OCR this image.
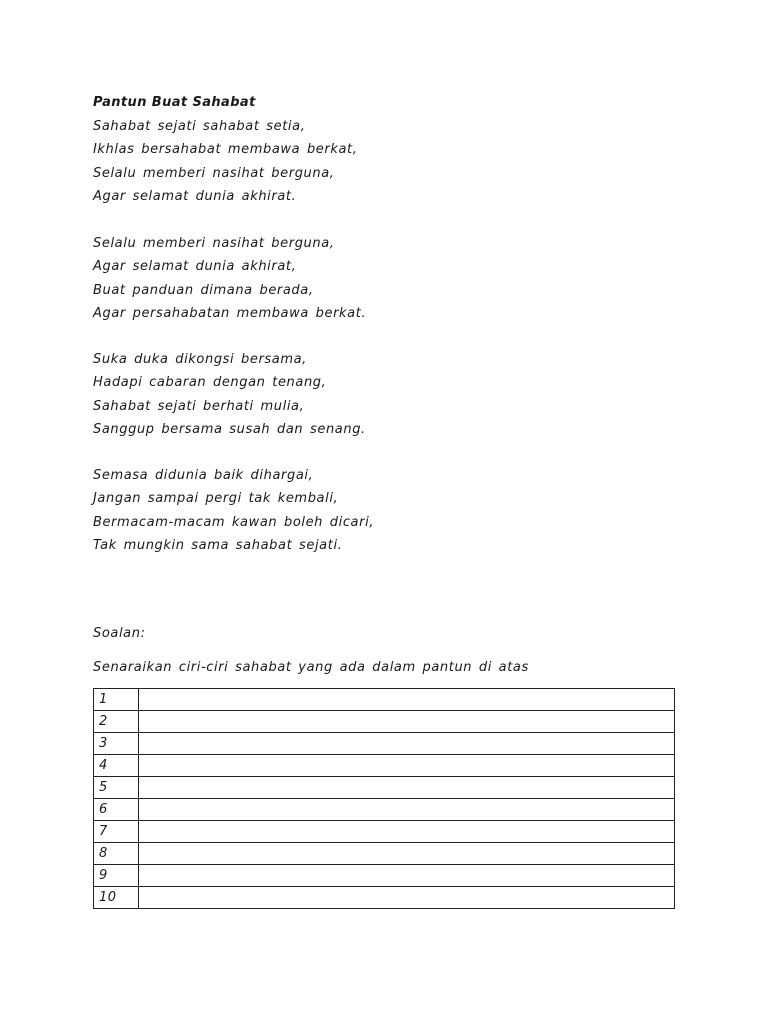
Pantun Buat Sahabat
Sahabat sejati sahabat setia,
Ikhlas bersahabat membawa berkat,
Selalu memberi nasihat berguna,
Agar selamat dunia akhirat.
Selalu memberi nasihat berguna,
Agar selamat dunia akhirat,
Buat panduan dimana berada,
Agar persahabatan membawa berkat.
Suka duka dikongsi bersama,
Hadapi cabaran dengan tenang,
Sahabat sejati berhati mulia,
Sanggup bersama susah dan senang.
Semasa didunia baik dihargai,
Jangan sampai pergi tak kembali,
Bermacam-macam kawan boleh dicari,
Tak mungkin sama sahabat sejati.
Soalan:
Senaraikan ciri-ciri sahabat yang ada dalam pantun di atas
1	
2	
3	
4	
5	
6	
7	
8	
9	
10	
